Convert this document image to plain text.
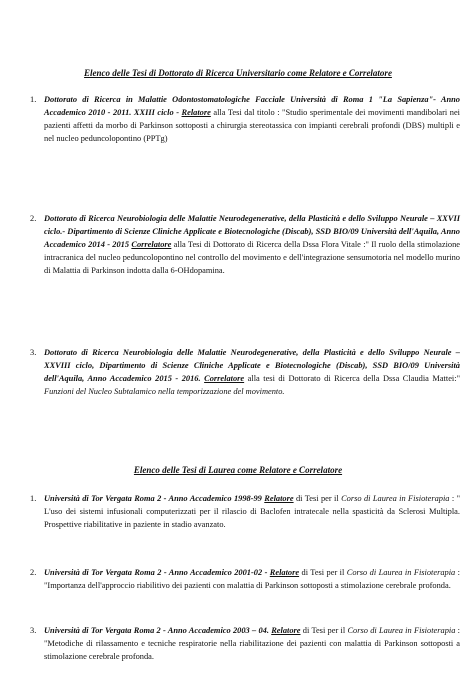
Elenco delle Tesi di Dottorato di Ricerca Universitario come Relatore e Correlatore
1. Dottorato di Ricerca in Malattie Odontostomatologiche Facciale Università di Roma 1 "La Sapienza"- Anno Accademico 2010 - 2011. XXIII ciclo - Relatore alla Tesi dal titolo : "Studio sperimentale dei movimenti mandibolari nei pazienti affetti da morbo di Parkinson sottoposti a chirurgia stereotassica con impianti cerebrali profondi (DBS) multipli e nel nucleo peduncolopontino (PPTg)
2. Dottorato di Ricerca Neurobiologia delle Malattie Neurodegenerative, della Plasticità e dello Sviluppo Neurale – XXVII ciclo.- Dipartimento di Scienze Cliniche Applicate e Biotecnologiche (Discab), SSD BIO/09 Università dell'Aquila, Anno Accademico 2014 - 2015 Correlatore alla Tesi di Dottorato di Ricerca della Dssa Flora Vitale :" Il ruolo della stimolazione intracranica del nucleo peduncolopontino nel controllo del movimento e dell'integrazione sensumotoria nel modello murino di Malattia di Parkinson indotta dalla 6-OHdopamina.
3. Dottorato di Ricerca Neurobiologia delle Malattie Neurodegenerative, della Plasticità e dello Sviluppo Neurale – XXVIII ciclo, Dipartimento di Scienze Cliniche Applicate e Biotecnologiche (Discab), SSD BIO/09 Università dell'Aquila, Anno Accademico 2015 - 2016. Correlatore alla tesi di Dottorato di Ricerca della Dssa Claudia Mattei:" Funzioni del Nucleo Subtalamico nella temporizzazione del movimento.
Elenco delle Tesi di Laurea come Relatore e Correlatore
1. Università di Tor Vergata Roma 2 - Anno Accademico 1998-99 Relatore di Tesi per il Corso di Laurea in Fisioterapia : " L'uso dei sistemi infusionali computerizzati per il rilascio di Baclofen intratecale nella spasticità da Sclerosi Multipla. Prospettive riabilitative in paziente in stadio avanzato.
2. Università di Tor Vergata Roma 2 - Anno Accademico 2001-02 - Relatore di Tesi per il Corso di Laurea in Fisioterapia : "Importanza dell'approccio riabilitivo dei pazienti con malattia di Parkinson sottoposti a stimolazione cerebrale profonda.
3. Università di Tor Vergata Roma 2 - Anno Accademico 2003 – 04. Relatore di Tesi per il Corso di Laurea in Fisioterapia : "Metodiche di rilassamento e tecniche respiratorie nella riabilitazione dei pazienti con malattia di Parkinson sottoposti a stimolazione cerebrale profonda.
